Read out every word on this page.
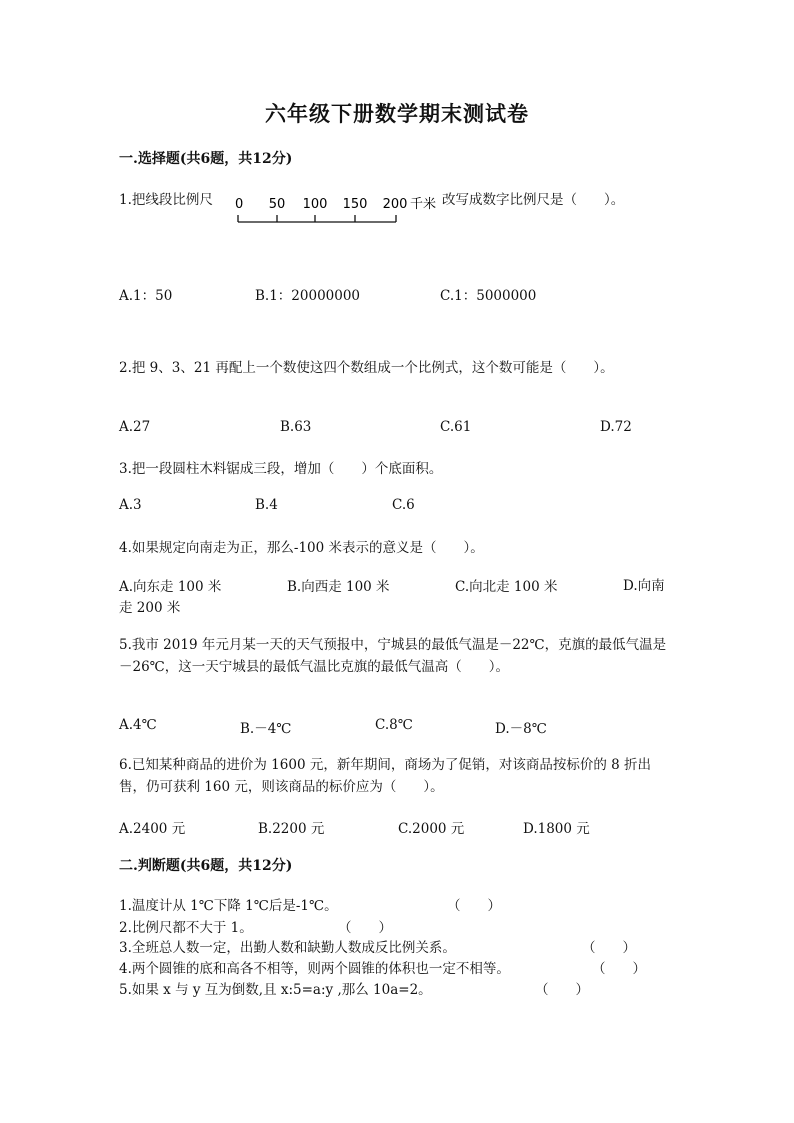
六年级下册数学期末测试卷
一.选择题(共6题，共12分)
1.把线段比例尺 0 50 100 150 200 千米 改写成数字比例尺是（　　）。
A.1：50	B.1：20000000	C.1：5000000
2.把 9、3、21 再配上一个数使这四个数组成一个比例式，这个数可能是（　　）。
A.27	B.63	C.61	D.72
3.把一段圆柱木料锯成三段，增加（　　）个底面积。
A.3	B.4	C.6
4.如果规定向南走为正，那么-100 米表示的意义是（　　）。
A.向东走 100 米	B.向西走 100 米	C.向北走 100 米	D.向南走 200 米
5.我市 2019 年元月某一天的天气预报中，宁城县的最低气温是－22℃，克旗的最低气温是－26℃，这一天宁城县的最低气温比克旗的最低气温高（　　）。
A.4℃	B.－4℃	C.8℃	D.－8℃
6.已知某种商品的进价为 1600 元，新年期间，商场为了促销，对该商品按标价的 8 折出售，仍可获利 160 元，则该商品的标价应为（　　）。
A.2400 元	B.2200 元	C.2000 元	D.1800 元
二.判断题(共6题，共12分)
1.温度计从 1℃下降 1℃后是-1℃。	（　　）
2.比例尺都不大于 1。	（　　）
3.全班总人数一定，出勤人数和缺勤人数成反比例关系。	（　　）
4.两个圆锥的底和高各不相等，则两个圆锥的体积也一定不相等。	（　　）
5.如果 x 与 y 互为倒数,且 x:5=a:y ,那么 10a=2。	（　　）
